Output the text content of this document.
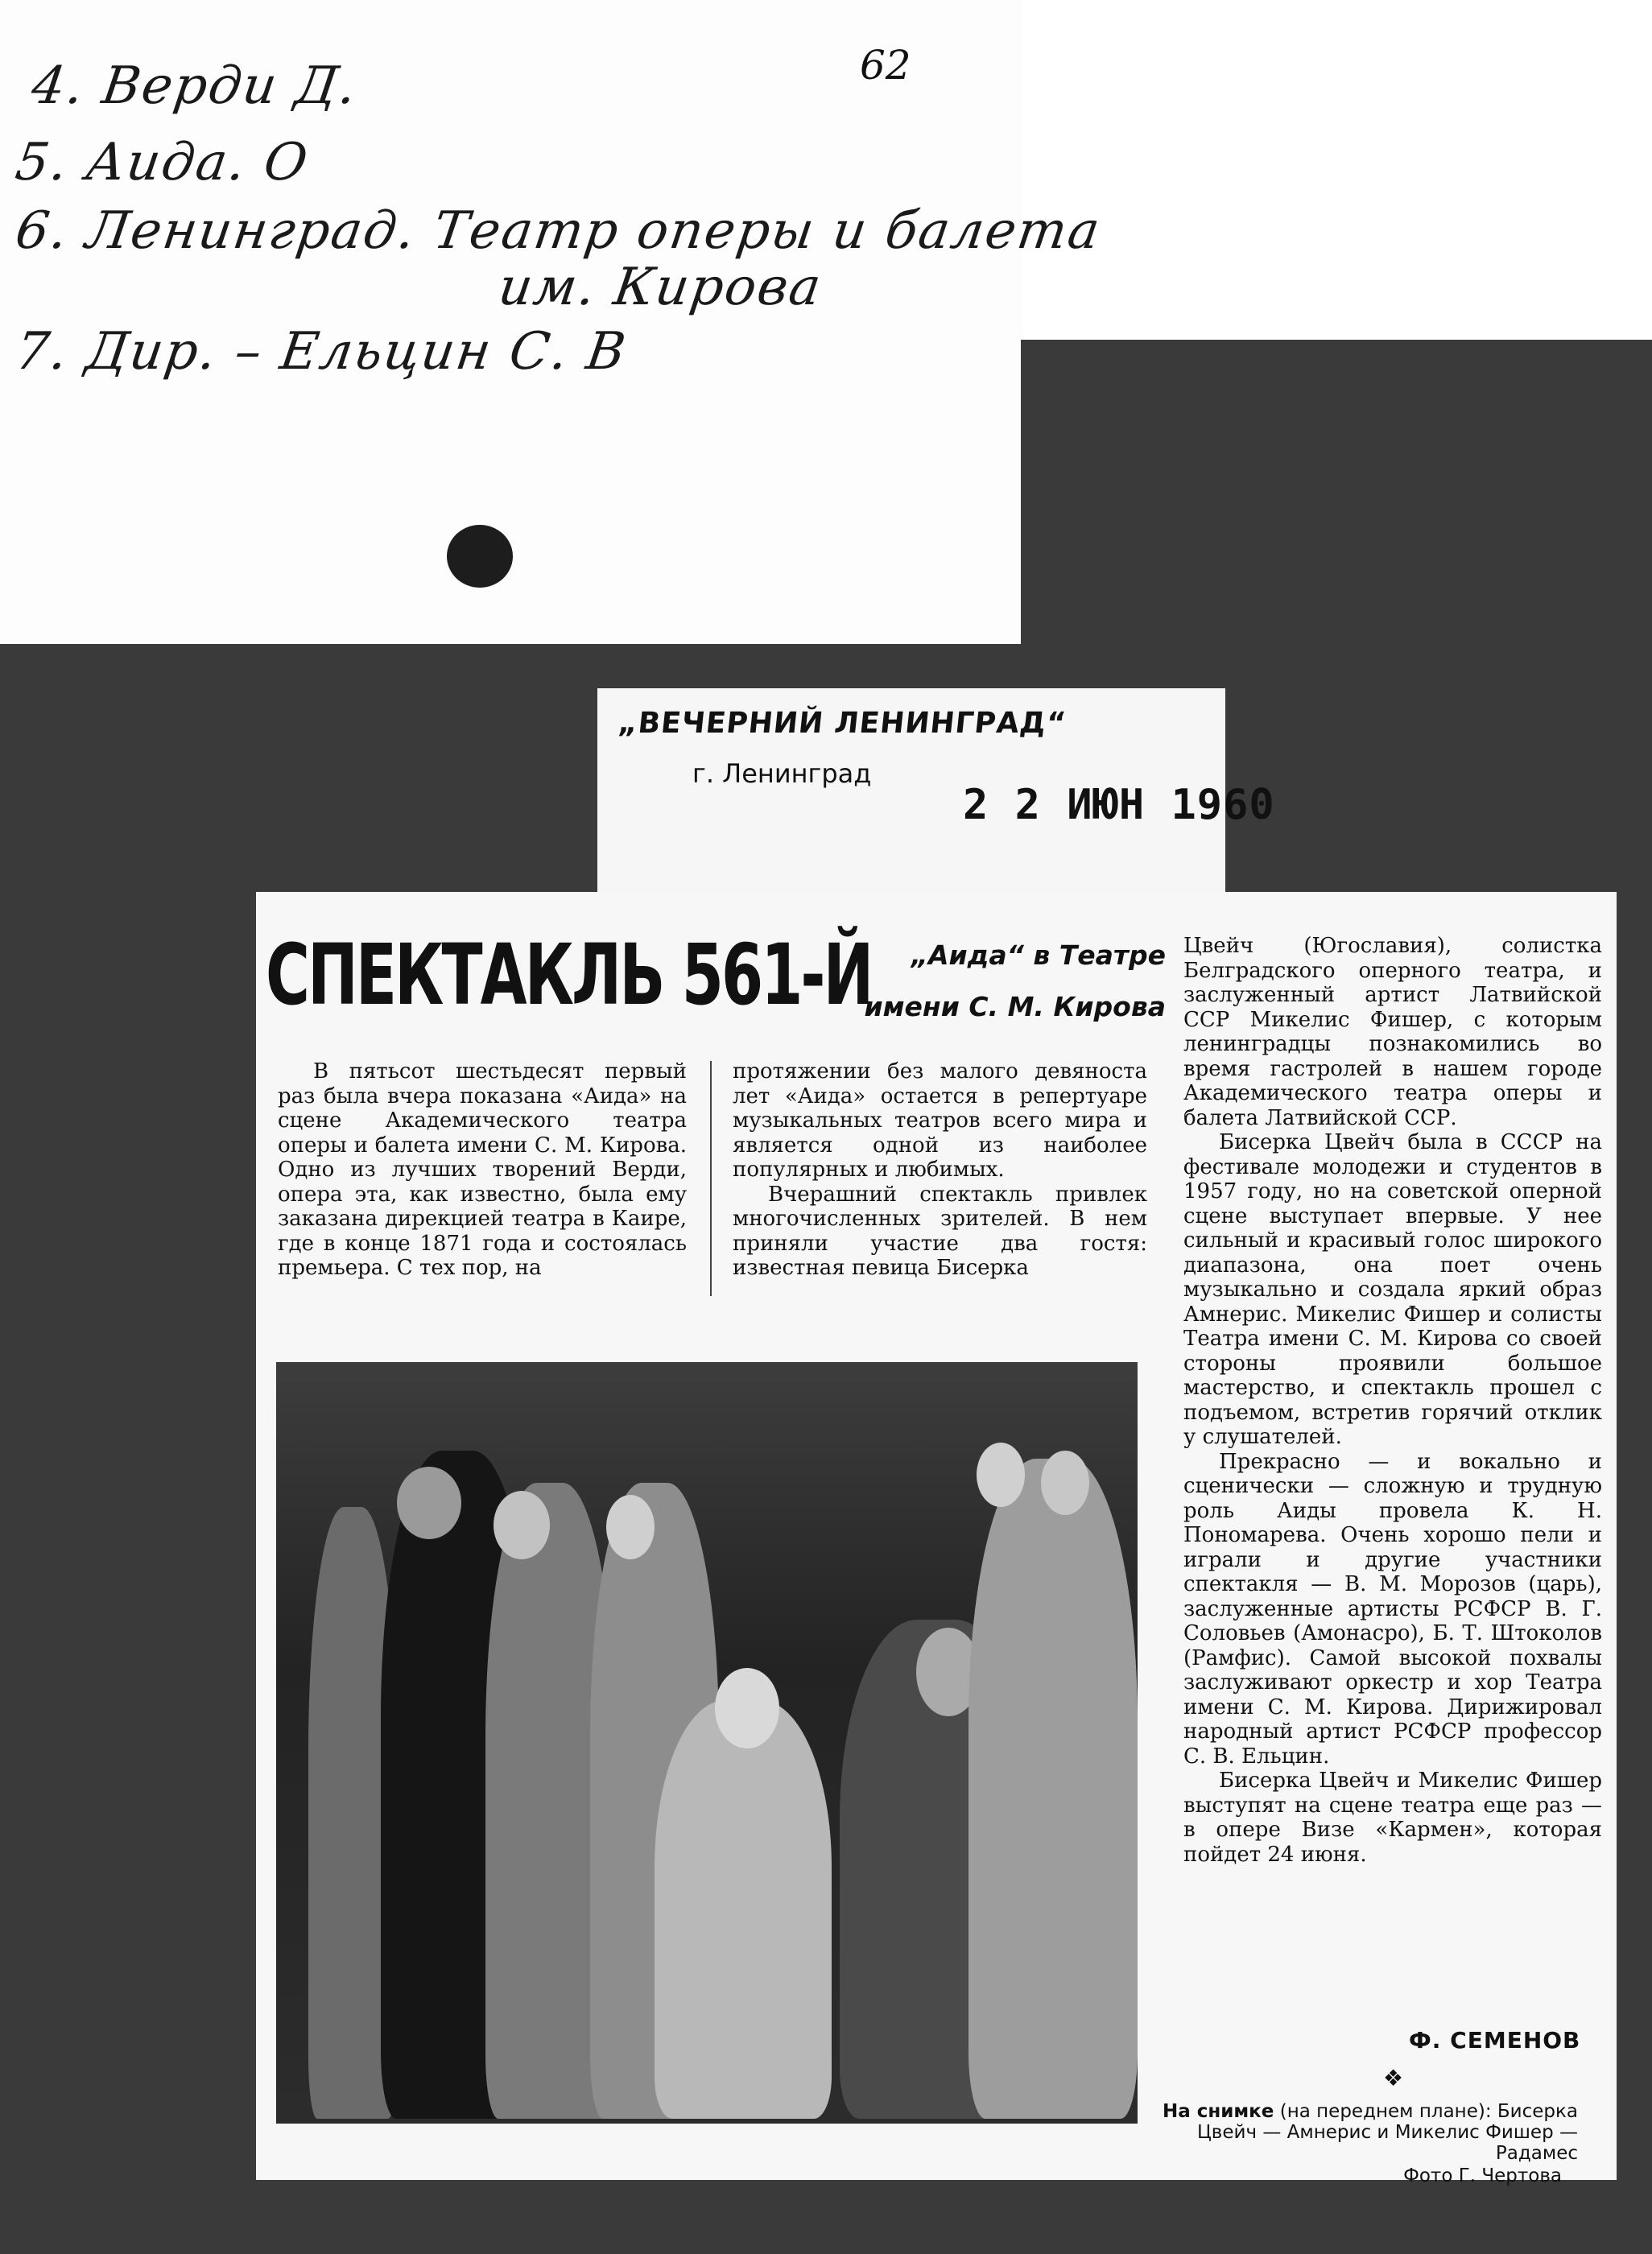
62
4. Верди Д.
5. Аида. О
6. Ленинград. Театр оперы и балета
им. Кирова
7. Дир. – Ельцин С. В
„ВЕЧЕРНИЙ ЛЕНИНГРАД“
г. Ленинград
2 2 ИЮН 1960
СПЕКТАКЛЬ 561-Й	„Аида“ в Театре
имени С. М. Кирова

В пятьсот шестьдесят первый раз была вчера показана «Аида» на сцене Академического театра оперы и балета имени С. М. Кирова. Одно из лучших творений Верди, опера эта, как известно, была ему заказана дирекцией театра в Каире, где в конце 1871 года и состоялась премьера. С тех пор, на

протяжении без малого девяноста лет «Аида» остается в репертуаре музыкальных театров всего мира и является одной из наиболее популярных и любимых.

Вчерашний спектакль привлек многочисленных зрителей. В нем приняли участие два гостя: известная певица Бисерка

Цвейч (Югославия), солистка Белградского оперного театра, и заслуженный артист Латвийской ССР Микелис Фишер, с которым ленинградцы познакомились во время гастролей в нашем городе Академического театра оперы и балета Латвийской ССР.

Бисерка Цвейч была в СССР на фестивале молодежи и студентов в 1957 году, но на советской оперной сцене выступает впервые. У нее сильный и красивый голос широкого диапазона, она поет очень музыкально и создала яркий образ Амнерис. Микелис Фишер и солисты Театра имени С. М. Кирова со своей стороны проявили большое мастерство, и спектакль прошел с подъемом, встретив горячий отклик у слушателей.

Прекрасно — и вокально и сценически — сложную и трудную роль Аиды провела К. Н. Пономарева. Очень хорошо пели и играли и другие участники спектакля — В. М. Морозов (царь), заслуженные артисты РСФСР В. Г. Соловьев (Амонасро), Б. Т. Штоколов (Рамфис). Самой высокой похвалы заслуживают оркестр и хор Театра имени С. М. Кирова. Дирижировал народный артист РСФСР профессор С. В. Ельцин.

Бисерка Цвейч и Микелис Фишер выступят на сцене театра еще раз — в опере Визе «Кармен», которая пойдет 24 июня.

Ф. СЕМЕНОВ
❖
На снимке (на переднем плане): Бисерка Цвейч — Амнерис и Микелис Фишер — Радамес
Фото Г. Чертова
